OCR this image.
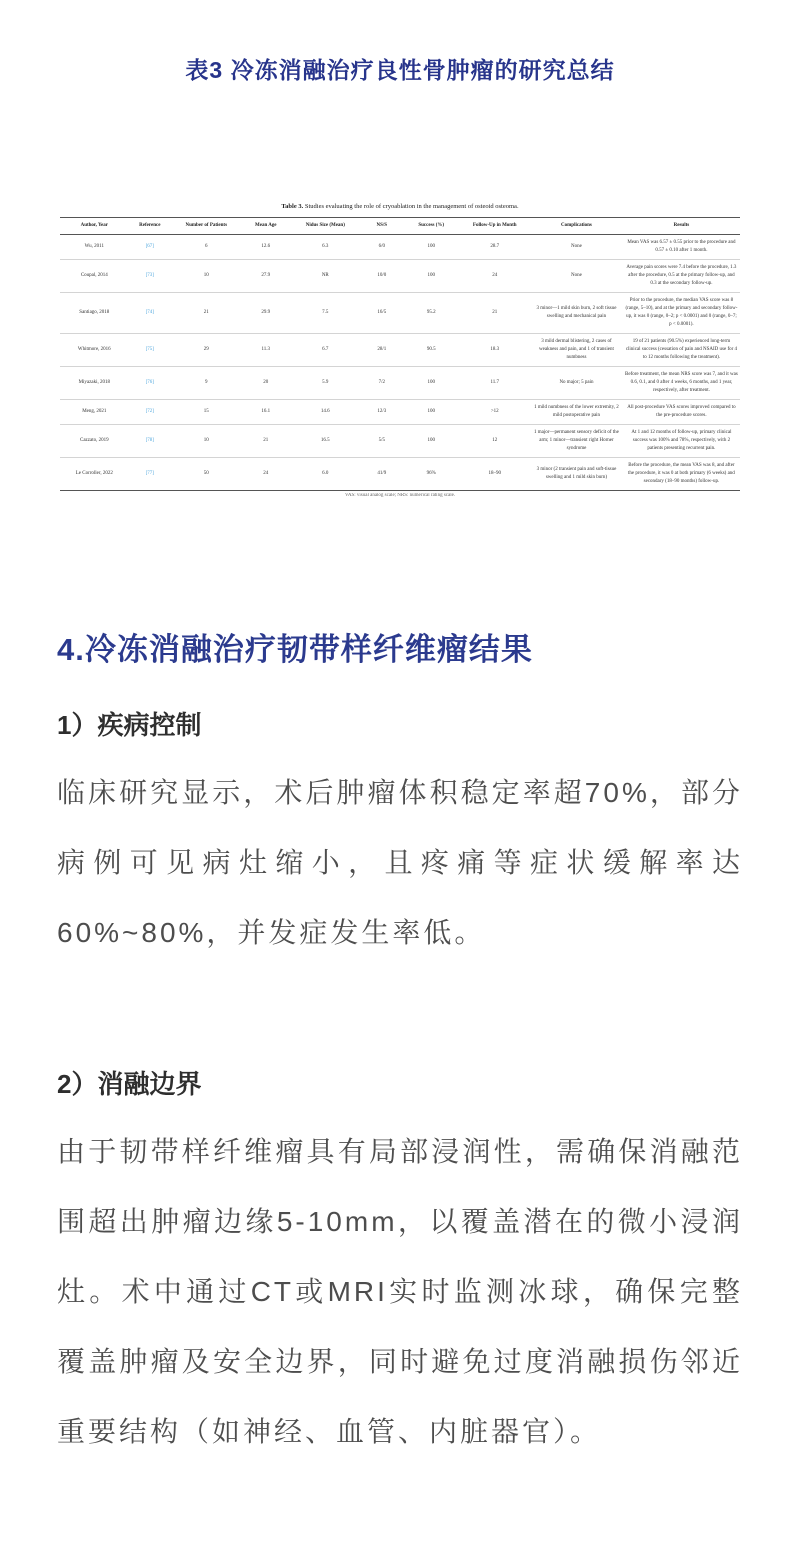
表3 冷冻消融治疗良性骨肿瘤的研究总结
Table 3. Studies evaluating the role of cryoablation in the management of osteoid osteoma.
Author, Year	Reference	Number of Patients	Mean Age	Nidus Size (Mean)	NS/S	Success (%)	Follow-Up in Month	Complications	Results
Wu, 2011	[67]	6	12.6	6.3	6/0	100	28.7	None	Mean VAS was 6.57 ± 0.55 prior to the procedure and 0.57 ± 0.10 after 1 month.
Coupal, 2014	[73]	10	27.9	NR	10/0	100	24	None	Average pain scores were 7.4 before the procedure, 1.3 after the procedure, 0.5 at the primary follow-up, and 0.3 at the secondary follow-up.
Santiago, 2018	[74]	21	29.9	7.5	16/5	95.2	21	3 minor—1 mild skin burn, 2 soft tissue swelling and mechanical pain	Prior to the procedure, the median VAS score was 8 (range, 5–10), and at the primary and secondary follow-up, it was 0 (range, 0–2; p < 0.0001) and 0 (range, 0–7; p < 0.0001).
Whitmore, 2016	[75]	29	11.3	6.7	28/1	90.5	18.3	3 mild dermal blistering, 2 cases of weakness and pain, and 1 of transient numbness	19 of 21 patients (90.5%) experienced long-term clinical success (cessation of pain and NSAID use for 4 to 12 months following the treatment).
Miyazaki, 2018	[76]	9	20	5.9	7/2	100	11.7	No major; 5 pain	Before treatment, the mean NRS score was 7, and it was 0.6, 0.1, and 0 after 4 weeks, 6 months, and 1 year, respectively, after treatment.
Meng, 2021	[72]	15	16.1	14.6	12/3	100	>12	1 mild numbness of the lower extremity, 2 mild postoperative pain	All post-procedure VAS scores improved compared to the pre-procedure scores.
Cazzato, 2019	[78]	10	21	16.5	5/5	100	12	1 major—permanent sensory deficit of the arm; 1 minor—transient right Horner syndrome	At 1 and 12 months of follow-up, primary clinical success was 100% and 78%, respectively, with 2 patients presenting recurrent pain.
Le Corroller, 2022	[77]	50	24	6.0	41/9	96%	18–90	3 minor (2 transient pain and soft-tissue swelling and 1 mild skin burn)	Before the procedure, the mean VAS was 8, and after the procedure, it was 0 at both primary (6 weeks) and secondary (18–90 months) follow-up.
VAS: visual analog scale; NRS: numerical rating scale.
4.冷冻消融治疗韧带样纤维瘤结果
1）疾病控制
临床研究显示，术后肿瘤体积稳定率超70%，部分病例可见病灶缩小，且疼痛等症状缓解率达60%~80%，并发症发生率低。
2）消融边界
由于韧带样纤维瘤具有局部浸润性，需确保消融范围超出肿瘤边缘5-10mm，以覆盖潜在的微小浸润灶。术中通过CT或MRI实时监测冰球，确保完整覆盖肿瘤及安全边界，同时避免过度消融损伤邻近重要结构（如神经、血管、内脏器官）。
